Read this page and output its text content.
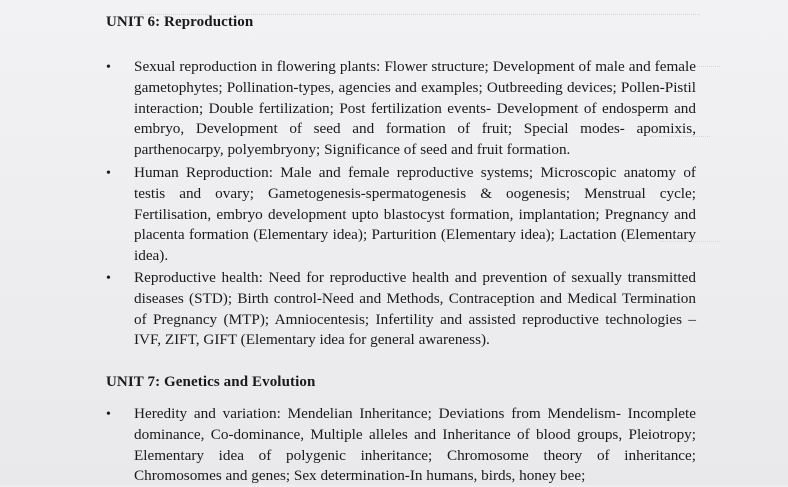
UNIT 6: Reproduction
• Sexual reproduction in flowering plants: Flower structure; Development of male and female gametophytes; Pollination-types, agencies and examples; Outbreeding devices; Pollen-Pistil interaction; Double fertilization; Post fertilization events- Development of endosperm and embryo, Development of seed and formation of fruit; Special modes- apomixis, parthenocarpy, polyembryony; Significance of seed and fruit formation.
• Human Reproduction: Male and female reproductive systems; Microscopic anatomy of testis and ovary; Gametogenesis-spermatogenesis & oogenesis; Menstrual cycle; Fertilisation, embryo development upto blastocyst formation, implantation; Pregnancy and placenta formation (Elementary idea); Parturition (Elementary idea); Lactation (Elementary idea).
• Reproductive health: Need for reproductive health and prevention of sexually transmitted diseases (STD); Birth control-Need and Methods, Contraception and Medical Termination of Pregnancy (MTP); Amniocentesis; Infertility and assisted reproductive technologies – IVF, ZIFT, GIFT (Elementary idea for general awareness).
UNIT 7: Genetics and Evolution
• Heredity and variation: Mendelian Inheritance; Deviations from Mendelism- Incomplete dominance, Co-dominance, Multiple alleles and Inheritance of blood groups, Pleiotropy; Elementary idea of polygenic inheritance; Chromosome theory of inheritance; Chromosomes and genes; Sex determination-In humans, birds, honey bee;
